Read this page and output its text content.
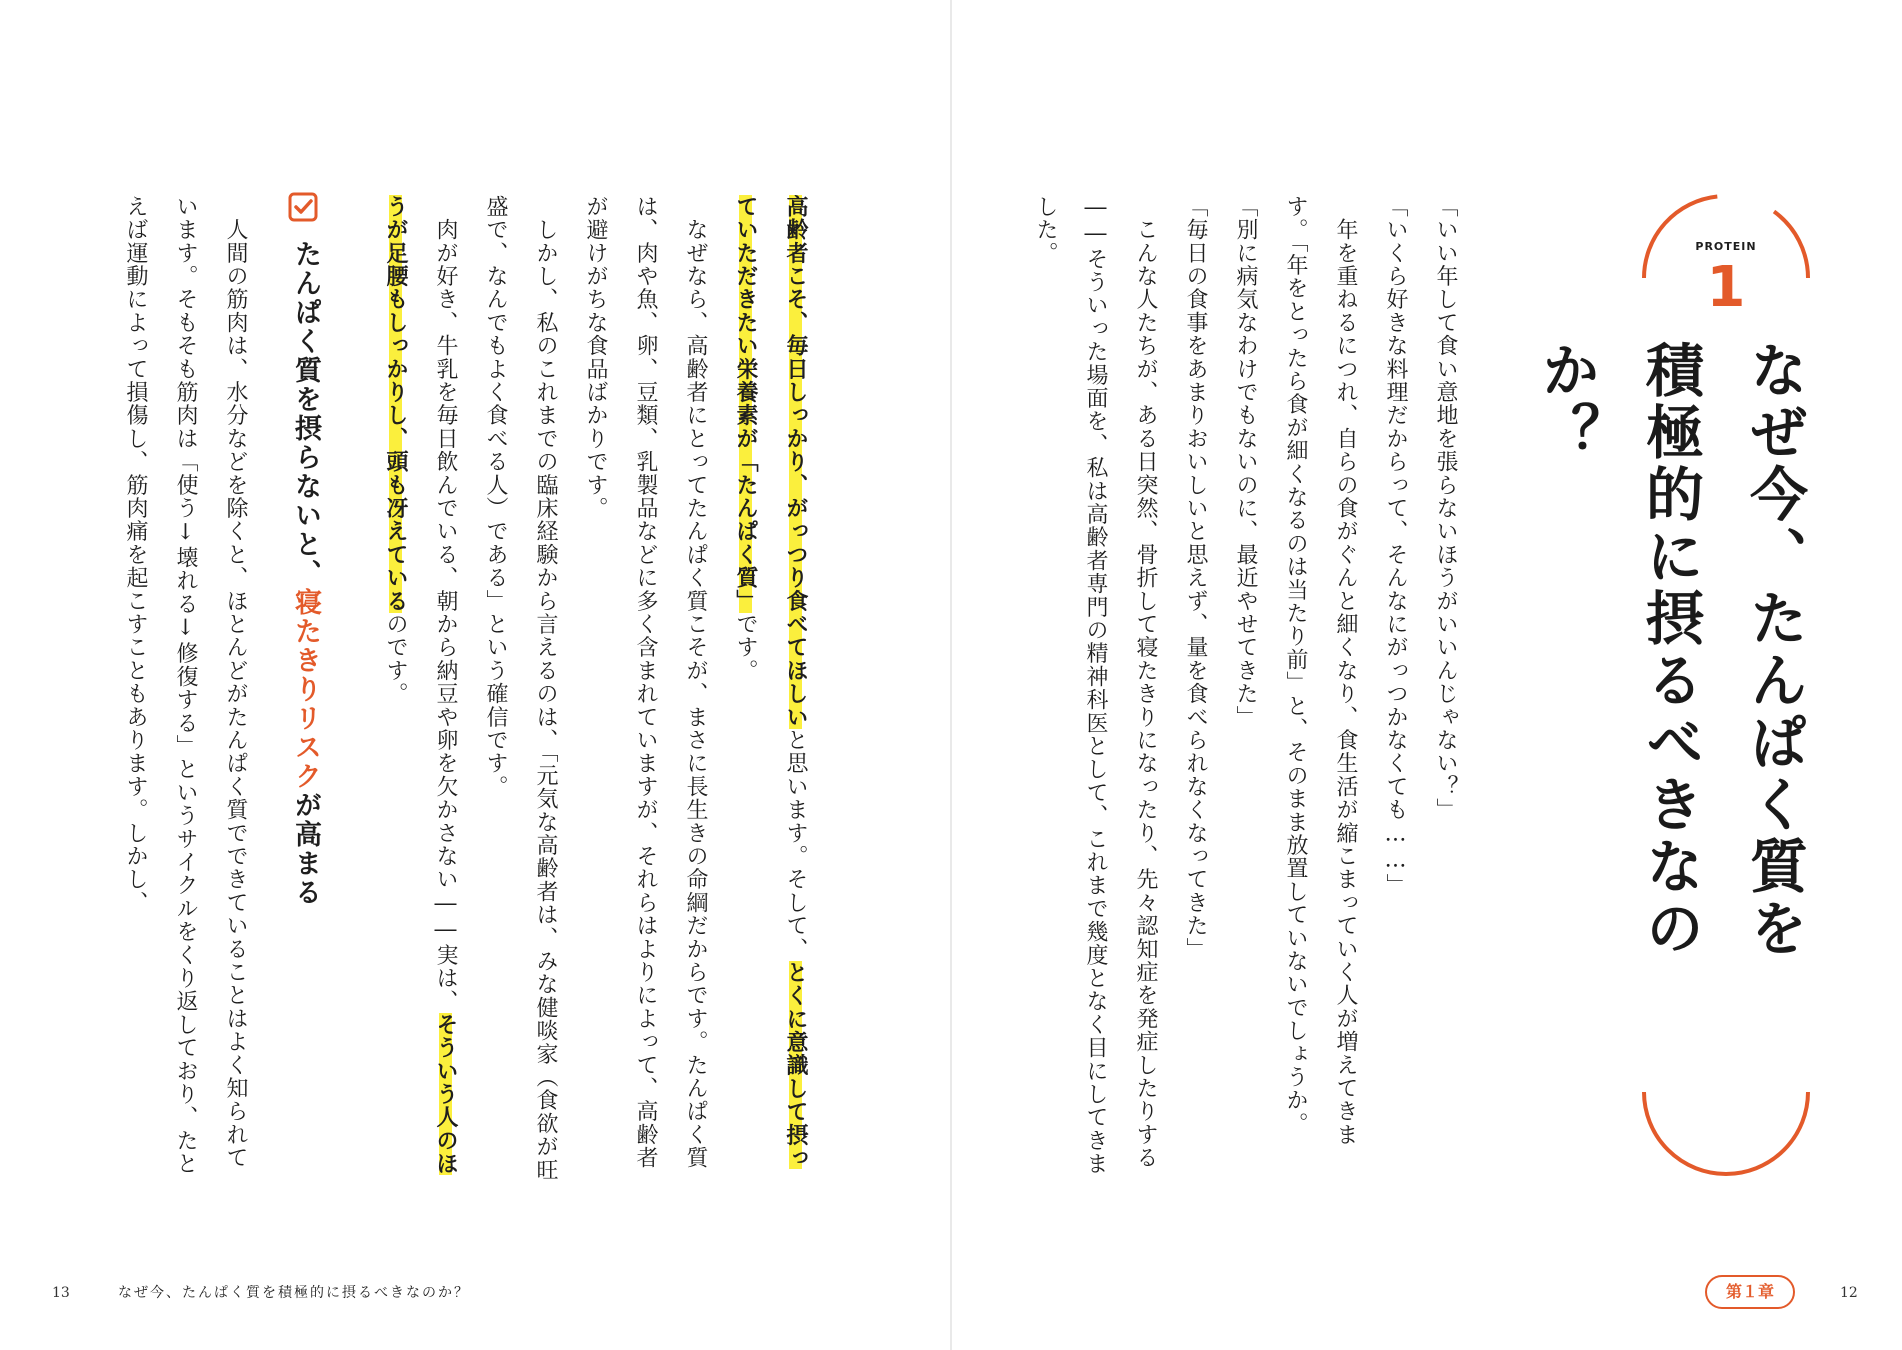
PROTEIN
1
なぜ今、たんぱく質を
積極的に摂るべきなのか？

「いい年して食い意地を張らないほうがいいんじゃない？」

「いくら好きな料理だからって、そんなにがっつかなくても……」

　年を重ねるにつれ、自らの食がぐんと細くなり、食生活が縮こまっていく人が増えてきます。「年をとったら食が細くなるのは当たり前」と、そのまま放置していないでしょうか。

「別に病気なわけでもないのに、最近やせてきた」

「毎日の食事をあまりおいしいと思えず、量を食べられなくなってきた」

　こんな人たちが、ある日突然、骨折して寝たきりになったり、先々認知症を発症したりする――そういった場面を、私は高齢者専門の精神科医として、これまで幾度となく目にしてきました。

第１章	12

高齢者こそ、毎日しっかり、がっつり食べてほしいと思います。そして、とくに意識して摂っていただきたい栄養素が「たんぱく質」です。

　なぜなら、高齢者にとってたんぱく質こそが、まさに長生きの命綱だからです。たんぱく質は、肉や魚、卵、豆類、乳製品などに多く含まれていますが、それらはよりによって、高齢者が避けがちな食品ばかりです。

　しかし、私のこれまでの臨床経験から言えるのは、「元気な高齢者は、みな健啖家（食欲が旺盛で、なんでもよく食べる人）である」という確信です。

　肉が好き、牛乳を毎日飲んでいる、朝から納豆や卵を欠かさない――実は、そういう人のほうが足腰もしっかりし、頭も冴えているのです。

たんぱく質を摂らないと、寝たきりリスクが高まる

　人間の筋肉は、水分などを除くと、ほとんどがたんぱく質でできていることはよく知られています。そもそも筋肉は「使う↓壊れる↓修復する」というサイクルをくり返しており、たとえば運動によって損傷し、筋肉痛を起こすこともあります。しかし、

13	なぜ今、たんぱく質を積極的に摂るべきなのか？
